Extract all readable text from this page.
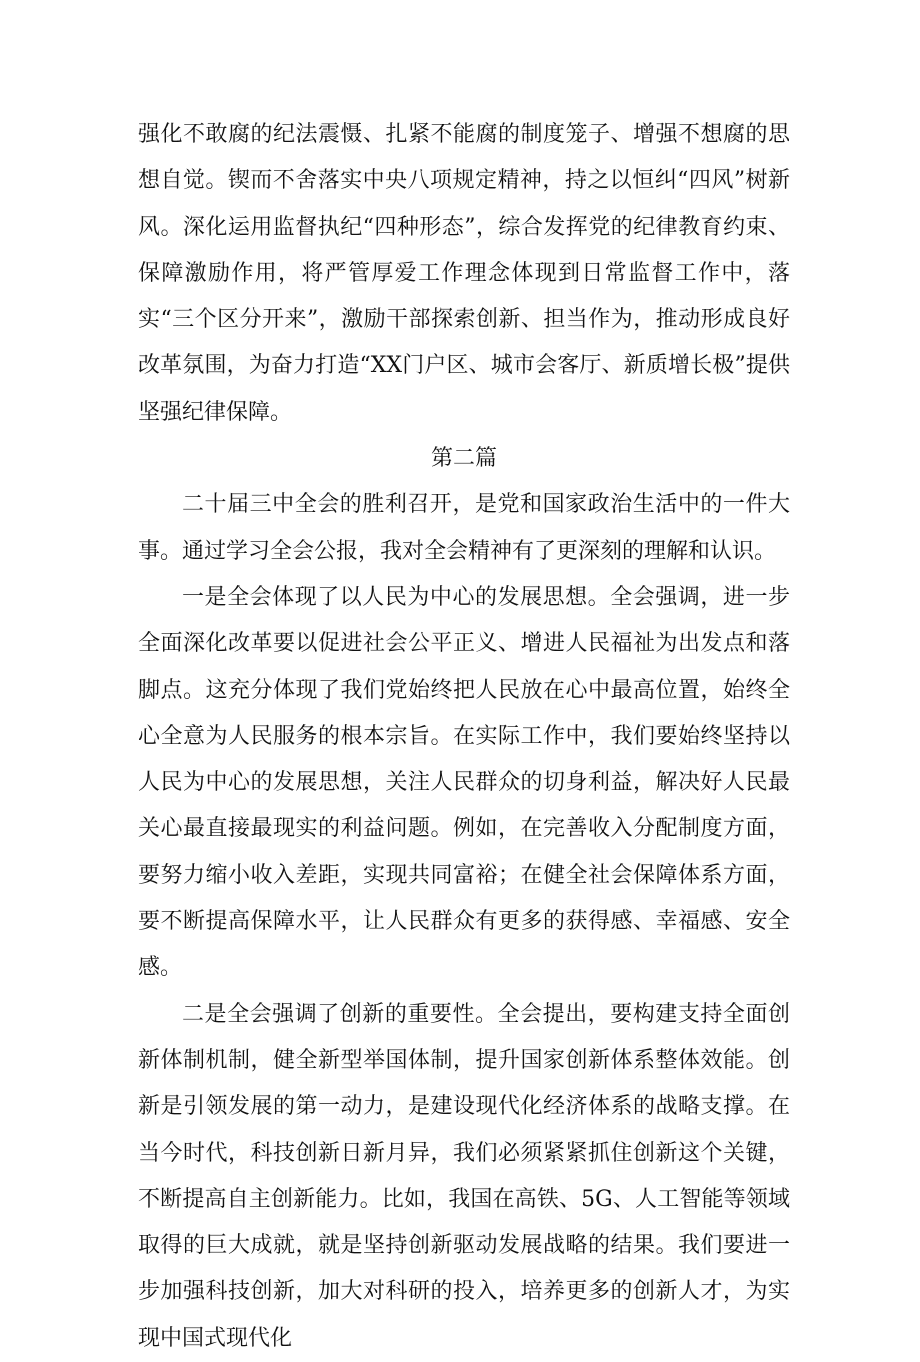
强化不敢腐的纪法震慑、扎紧不能腐的制度笼子、增强不想腐的思想自觉。锲而不舍落实中央八项规定精神，持之以恒纠“四风”树新风。深化运用监督执纪“四种形态”，综合发挥党的纪律教育约束、保障激励作用，将严管厚爱工作理念体现到日常监督工作中，落实“三个区分开来”，激励干部探索创新、担当作为，推动形成良好改革氛围，为奋力打造“XX门户区、城市会客厅、新质增长极”提供坚强纪律保障。

第二篇

二十届三中全会的胜利召开，是党和国家政治生活中的一件大事。通过学习全会公报，我对全会精神有了更深刻的理解和认识。

一是全会体现了以人民为中心的发展思想。全会强调，进一步全面深化改革要以促进社会公平正义、增进人民福祉为出发点和落脚点。这充分体现了我们党始终把人民放在心中最高位置，始终全心全意为人民服务的根本宗旨。在实际工作中，我们要始终坚持以人民为中心的发展思想，关注人民群众的切身利益，解决好人民最关心最直接最现实的利益问题。例如，在完善收入分配制度方面，要努力缩小收入差距，实现共同富裕；在健全社会保障体系方面，要不断提高保障水平，让人民群众有更多的获得感、幸福感、安全感。

二是全会强调了创新的重要性。全会提出，要构建支持全面创新体制机制，健全新型举国体制，提升国家创新体系整体效能。创新是引领发展的第一动力，是建设现代化经济体系的战略支撑。在当今时代，科技创新日新月异，我们必须紧紧抓住创新这个关键，不断提高自主创新能力。比如，我国在高铁、5G、人工智能等领域取得的巨大成就，就是坚持创新驱动发展战略的结果。我们要进一步加强科技创新，加大对科研的投入，培养更多的创新人才，为实现中国式现代化
